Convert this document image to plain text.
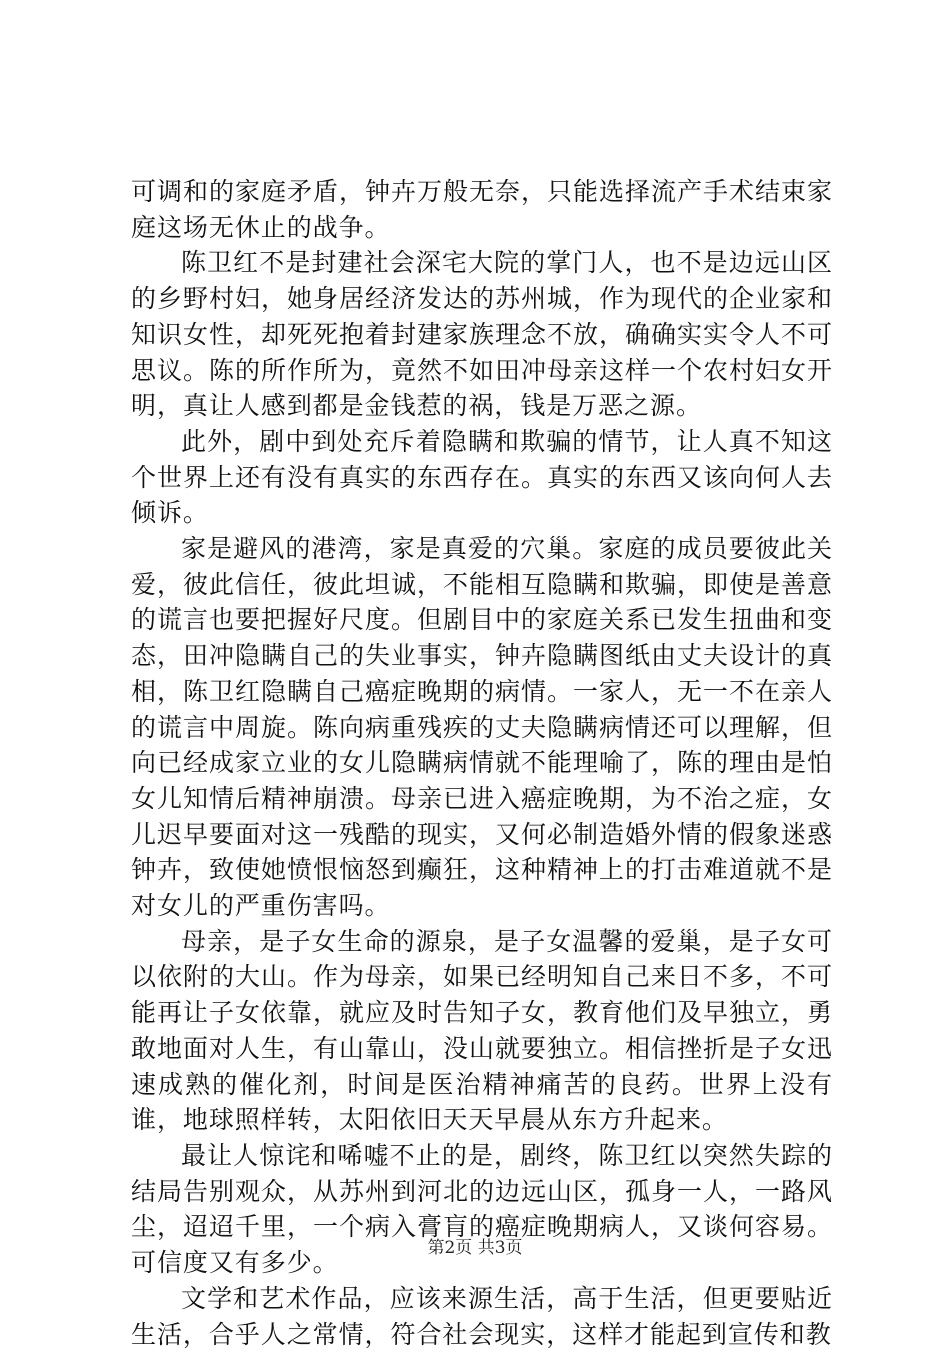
可调和的家庭矛盾，钟卉万般无奈，只能选择流产手术结束家庭这场无休止的战争。

陈卫红不是封建社会深宅大院的掌门人，也不是边远山区的乡野村妇，她身居经济发达的苏州城，作为现代的企业家和知识女性，却死死抱着封建家族理念不放，确确实实令人不可思议。陈的所作所为，竟然不如田冲母亲这样一个农村妇女开明，真让人感到都是金钱惹的祸，钱是万恶之源。

此外，剧中到处充斥着隐瞒和欺骗的情节，让人真不知这个世界上还有没有真实的东西存在。真实的东西又该向何人去倾诉。

家是避风的港湾，家是真爱的穴巢。家庭的成员要彼此关爱，彼此信任，彼此坦诚，不能相互隐瞒和欺骗，即使是善意的谎言也要把握好尺度。但剧目中的家庭关系已发生扭曲和变态，田冲隐瞒自己的失业事实，钟卉隐瞒图纸由丈夫设计的真相，陈卫红隐瞒自己癌症晚期的病情。一家人，无一不在亲人的谎言中周旋。陈向病重残疾的丈夫隐瞒病情还可以理解，但向已经成家立业的女儿隐瞒病情就不能理喻了，陈的理由是怕女儿知情后精神崩溃。母亲已进入癌症晚期，为不治之症，女儿迟早要面对这一残酷的现实，又何必制造婚外情的假象迷惑钟卉，致使她愤恨恼怒到癫狂，这种精神上的打击难道就不是对女儿的严重伤害吗。

母亲，是子女生命的源泉，是子女温馨的爱巢，是子女可以依附的大山。作为母亲，如果已经明知自己来日不多，不可能再让子女依靠，就应及时告知子女，教育他们及早独立，勇敢地面对人生，有山靠山，没山就要独立。相信挫折是子女迅速成熟的催化剂，时间是医治精神痛苦的良药。世界上没有谁，地球照样转，太阳依旧天天早晨从东方升起来。

最让人惊诧和唏嘘不止的是，剧终，陈卫红以突然失踪的结局告别观众，从苏州到河北的边远山区，孤身一人，一路风尘，迢迢千里，一个病入膏肓的癌症晚期病人，又谈何容易。可信度又有多少。

文学和艺术作品，应该来源生活，高于生活，但更要贴近生活，合乎人之常情，符合社会现实，这样才能起到宣传和教

第2页 共3页
